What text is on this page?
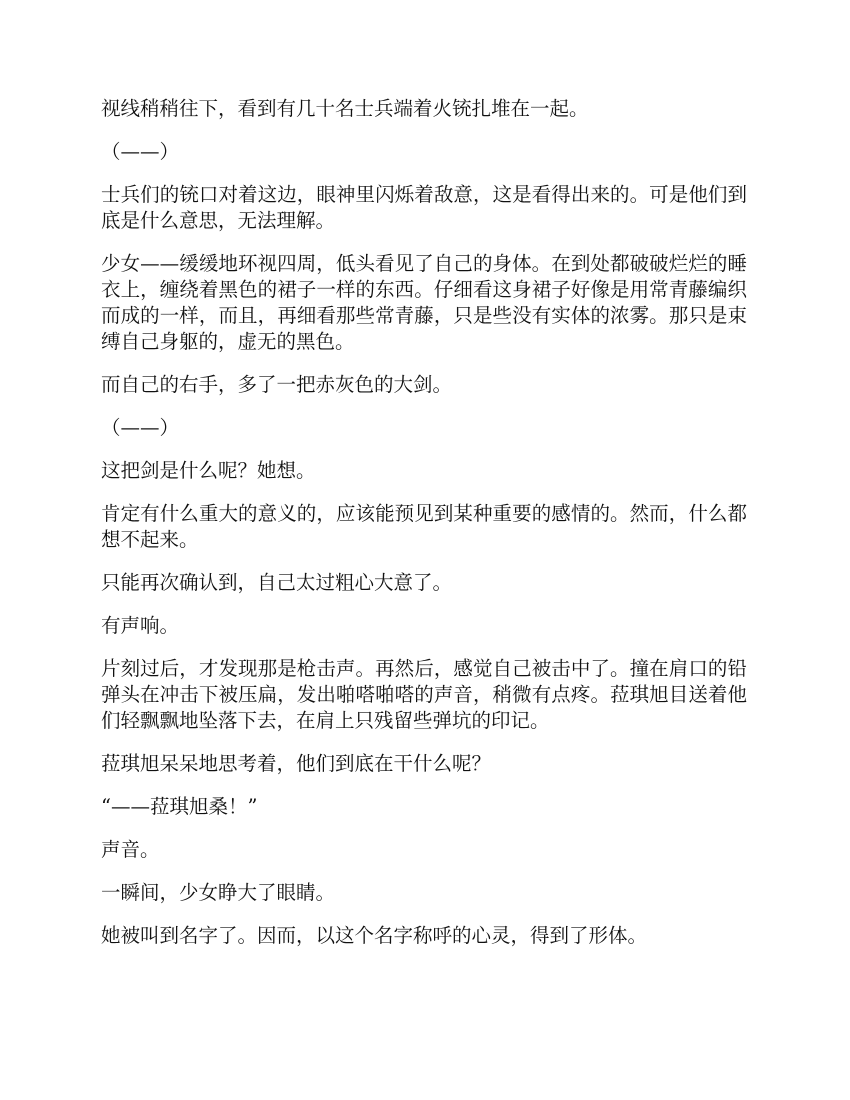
视线稍稍往下，看到有几十名士兵端着火铳扎堆在一起。

（——）

士兵们的铳口对着这边，眼神里闪烁着敌意，这是看得出来的。可是他们到底是什么意思，无法理解。

少女——缓缓地环视四周，低头看见了自己的身体。在到处都破破烂烂的睡衣上，缠绕着黑色的裙子一样的东西。仔细看这身裙子好像是用常青藤编织而成的一样，而且，再细看那些常青藤，只是些没有实体的浓雾。那只是束缚自己身躯的，虚无的黑色。

而自己的右手，多了一把赤灰色的大剑。

（——）

这把剑是什么呢？她想。

肯定有什么重大的意义的，应该能预见到某种重要的感情的。然而，什么都想不起来。

只能再次确认到，自己太过粗心大意了。

有声响。

片刻过后，才发现那是枪击声。再然后，感觉自己被击中了。撞在肩口的铅弹头在冲击下被压扁，发出啪嗒啪嗒的声音，稍微有点疼。菈琪旭目送着他们轻飘飘地坠落下去，在肩上只残留些弹坑的印记。

菈琪旭呆呆地思考着，他们到底在干什么呢？

“——菈琪旭桑！”

声音。

一瞬间，少女睁大了眼睛。

她被叫到名字了。因而，以这个名字称呼的心灵，得到了形体。
